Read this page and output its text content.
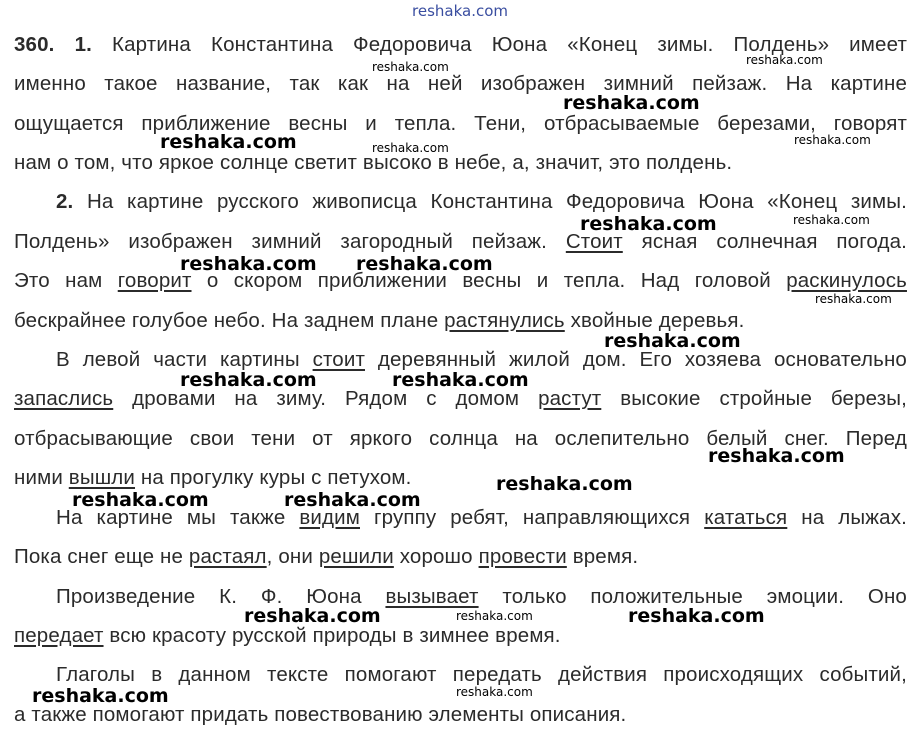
reshaka.com
360. 1. Картина Константина Федоровича Юона «Конец зимы. Полдень» имеет
именно такое название, так как на ней изображен зимний пейзаж. На картине
ощущается приближение весны и тепла. Тени, отбрасываемые березами, говорят
нам о том, что яркое солнце светит высоко в небе, а, значит, это полдень.
2. На картине русского живописца Константина Федоровича Юона «Конец зимы.
Полдень» изображен зимний загородный пейзаж. Стоит ясная солнечная погода.
Это нам говорит о скором приближении весны и тепла. Над головой раскинулось
бескрайнее голубое небо. На заднем плане растянулись хвойные деревья.
В левой части картины стоит деревянный жилой дом. Его хозяева основательно
запаслись дровами на зиму. Рядом с домом растут высокие стройные березы,
отбрасывающие свои тени от яркого солнца на ослепительно белый снег. Перед
ними вышли на прогулку куры с петухом.
На картине мы также видим группу ребят, направляющихся кататься на лыжах.
Пока снег еще не растаял, они решили хорошо провести время.
Произведение К. Ф. Юона вызывает только положительные эмоции. Оно
передает всю красоту русской природы в зимнее время.
Глаголы в данном тексте помогают передать действия происходящих событий,
а также помогают придать повествованию элементы описания.
reshaka.com	reshaka.com
reshaka.com
reshaka.com	reshaka.com
reshaka.com
reshaka.com	reshaka.com
reshaka.com reshaka.com
reshaka.com
reshaka.com
reshaka.com	reshaka.com
reshaka.com
reshaka.com
reshaka.com	reshaka.com
reshaka.com	reshaka.com	reshaka.com
reshaka.com	reshaka.com
